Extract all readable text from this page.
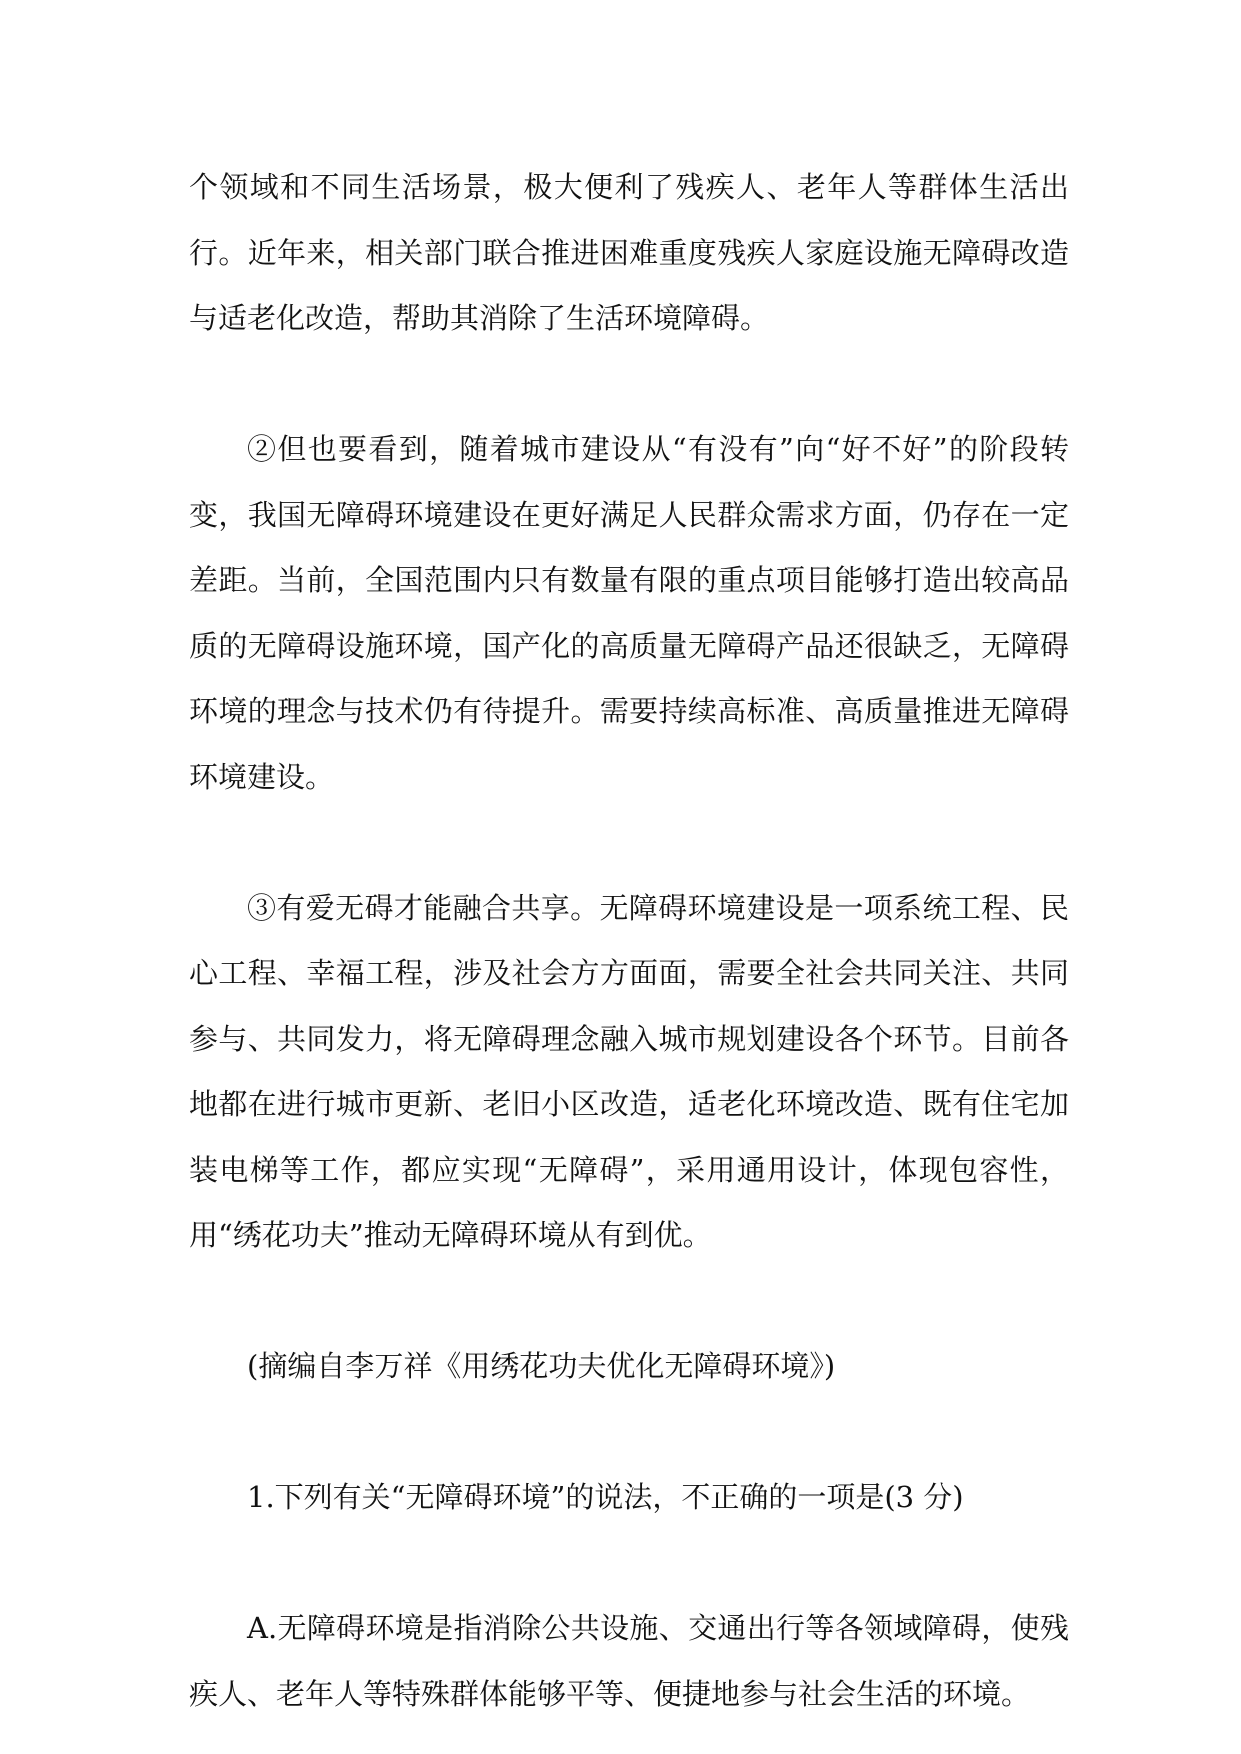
个领域和不同生活场景，极大便利了残疾人、老年人等群体生活出行。近年来，相关部门联合推进困难重度残疾人家庭设施无障碍改造与适老化改造，帮助其消除了生活环境障碍。

②但也要看到，随着城市建设从“有没有”向“好不好”的阶段转变，我国无障碍环境建设在更好满足人民群众需求方面，仍存在一定差距。当前，全国范围内只有数量有限的重点项目能够打造出较高品质的无障碍设施环境，国产化的高质量无障碍产品还很缺乏，无障碍环境的理念与技术仍有待提升。需要持续高标准、高质量推进无障碍环境建设。

③有爱无碍才能融合共享。无障碍环境建设是一项系统工程、民心工程、幸福工程，涉及社会方方面面，需要全社会共同关注、共同参与、共同发力，将无障碍理念融入城市规划建设各个环节。目前各地都在进行城市更新、老旧小区改造，适老化环境改造、既有住宅加装电梯等工作，都应实现“无障碍”，采用通用设计，体现包容性，用“绣花功夫”推动无障碍环境从有到优。

(摘编自李万祥《用绣花功夫优化无障碍环境》)

1.下列有关“无障碍环境”的说法，不正确的一项是(3 分)

A.无障碍环境是指消除公共设施、交通出行等各领域障碍，使残疾人、老年人等特殊群体能够平等、便捷地参与社会生活的环境。
